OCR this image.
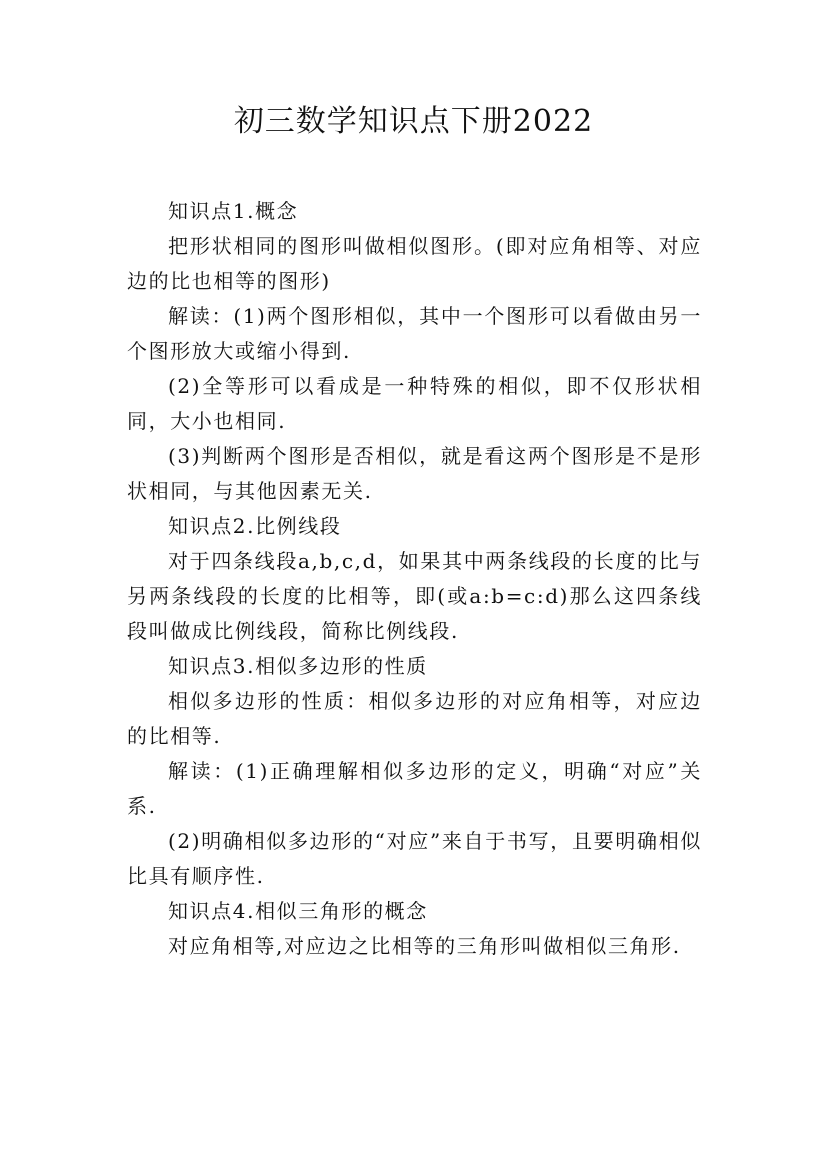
初三数学知识点下册2022

知识点1.概念

把形状相同的图形叫做相似图形。(即对应角相等、对应边的比也相等的图形)

解读：(1)两个图形相似，其中一个图形可以看做由另一个图形放大或缩小得到.

(2)全等形可以看成是一种特殊的相似，即不仅形状相同，大小也相同.

(3)判断两个图形是否相似，就是看这两个图形是不是形状相同，与其他因素无关.

知识点2.比例线段

对于四条线段a,b,c,d，如果其中两条线段的长度的比与另两条线段的长度的比相等，即(或a:b=c:d)那么这四条线段叫做成比例线段，简称比例线段.

知识点3.相似多边形的性质

相似多边形的性质：相似多边形的对应角相等，对应边的比相等.

解读：(1)正确理解相似多边形的定义，明确“对应”关系.

(2)明确相似多边形的“对应”来自于书写，且要明确相似比具有顺序性.

知识点4.相似三角形的概念

对应角相等,对应边之比相等的三角形叫做相似三角形.
